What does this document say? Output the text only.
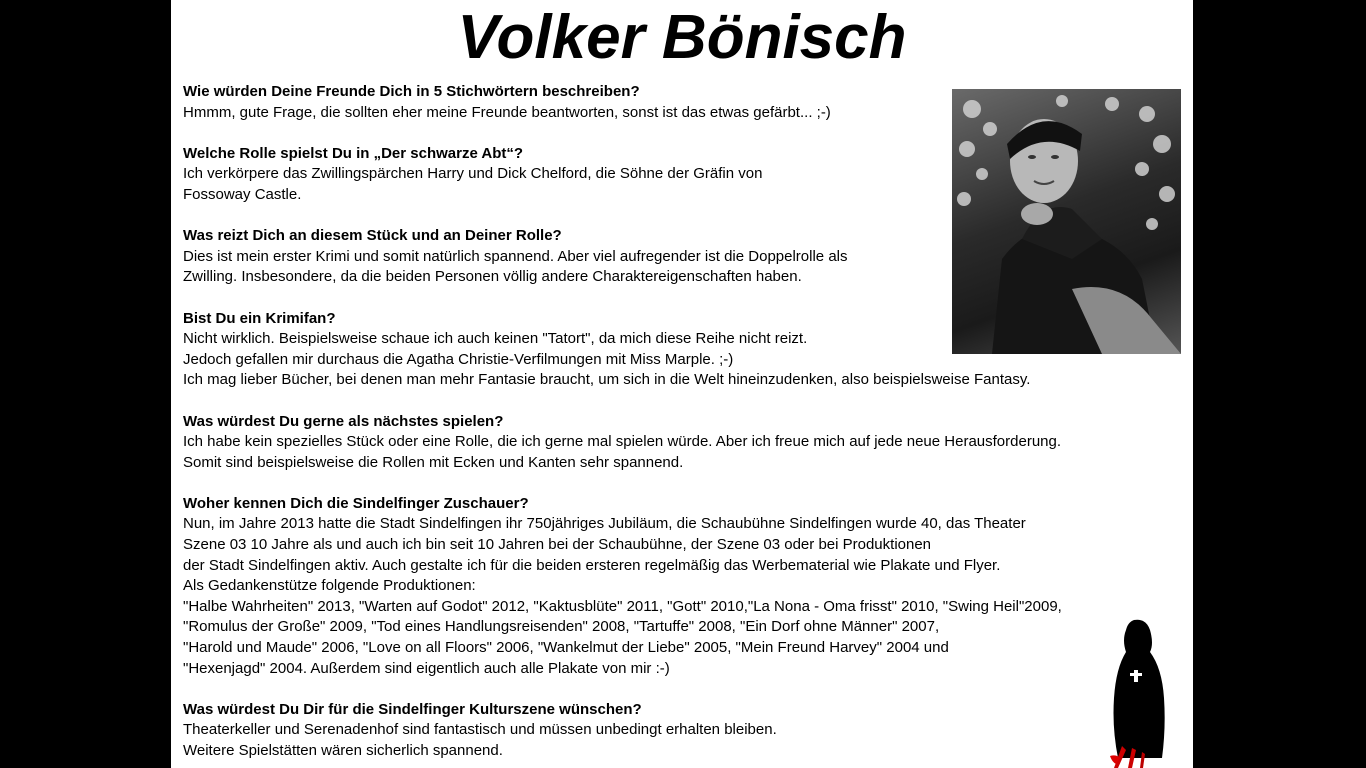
Volker Bönisch
Wie würden Deine Freunde Dich in 5 Stichwörtern beschreiben?
Hmmm, gute Frage, die sollten eher meine Freunde beantworten, sonst ist das etwas gefärbt... ;-)
Welche Rolle spielst Du in „Der schwarze Abt“?
Ich verkörpere das Zwillingspärchen Harry und Dick Chelford, die Söhne der Gräfin von
Fossoway Castle.
Was reizt Dich an diesem Stück und an Deiner Rolle?
Dies ist mein erster Krimi und somit natürlich spannend. Aber viel aufregender ist die Doppelrolle als
Zwilling. Insbesondere, da die beiden Personen völlig andere Charaktereigenschaften haben.
Bist Du ein Krimifan?
Nicht wirklich. Beispielsweise schaue ich auch keinen "Tatort", da mich diese Reihe nicht reizt.
Jedoch gefallen mir durchaus die Agatha Christie-Verfilmungen mit Miss Marple. ;-)
Ich mag lieber Bücher, bei denen man mehr Fantasie braucht, um sich in die Welt hineinzudenken, also beispielsweise Fantasy.
Was würdest Du gerne als nächstes spielen?
Ich habe kein spezielles Stück oder eine Rolle, die ich gerne mal spielen würde. Aber ich freue mich auf jede neue Herausforderung.
Somit sind beispielsweise die Rollen mit Ecken und Kanten sehr spannend.
Woher kennen Dich die Sindelfinger Zuschauer?
Nun, im Jahre 2013 hatte die Stadt Sindelfingen ihr 750jähriges Jubiläum, die Schaubühne Sindelfingen wurde 40, das Theater
Szene 03 10 Jahre als und auch ich bin seit 10 Jahren bei der Schaubühne, der Szene 03 oder bei Produktionen
der Stadt Sindelfingen aktiv. Auch gestalte ich für die beiden ersteren regelmäßig das Werbematerial wie Plakate und Flyer.
Als Gedankenstütze folgende Produktionen:
"Halbe Wahrheiten" 2013, "Warten auf Godot" 2012, "Kaktusblüte" 2011, "Gott" 2010,"La Nona - Oma frisst" 2010, "Swing Heil"2009,
"Romulus der Große" 2009, "Tod eines Handlungsreisenden" 2008, "Tartuffe" 2008, "Ein Dorf ohne Männer" 2007,
"Harold und Maude" 2006, "Love on all Floors" 2006, "Wankelmut der Liebe" 2005, "Mein Freund Harvey" 2004 und
"Hexenjagd" 2004. Außerdem sind eigentlich auch alle Plakate von mir :-)
Was würdest Du Dir für die Sindelfinger Kulturszene wünschen?
Theaterkeller und Serenadenhof sind fantastisch und müssen unbedingt erhalten bleiben.
Weitere Spielstätten wären sicherlich spannend.
